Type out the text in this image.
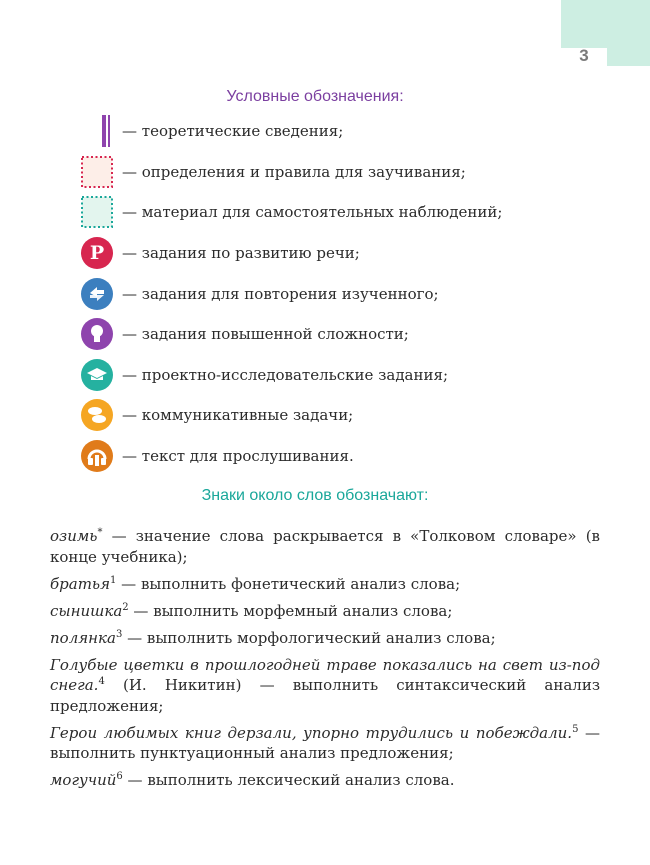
3
Условные обозначения:
— теоретические сведения;
— определения и правила для заучивания;
— материал для самостоятельных наблюдений;
Р	— задания по развитию речи;
— задания для повторения изученного;
— задания повышенной сложности;
— проектно-исследовательские задания;
— коммуникативные задачи;
— текст для прослушивания.
Знаки около слов обозначают:

озимь* — значение слова раскрывается в «Толковом словаре» (в конце учебника);

братья$^1$ — выполнить фонетический анализ слова;

сынишка$^2$ — выполнить морфемный анализ слова;

полянка$^3$ — выполнить морфологический анализ слова;

Голубые цветки в прошлогодней траве показались на свет из-под снега.$^4$ (И. Никитин) — выполнить синтаксический анализ предложения;

Герои любимых книг дерзали, упорно трудились и побеждали.$^5$ — выполнить пунктуационный анализ предложения;

могучий$^6$ — выполнить лексический анализ слова.
